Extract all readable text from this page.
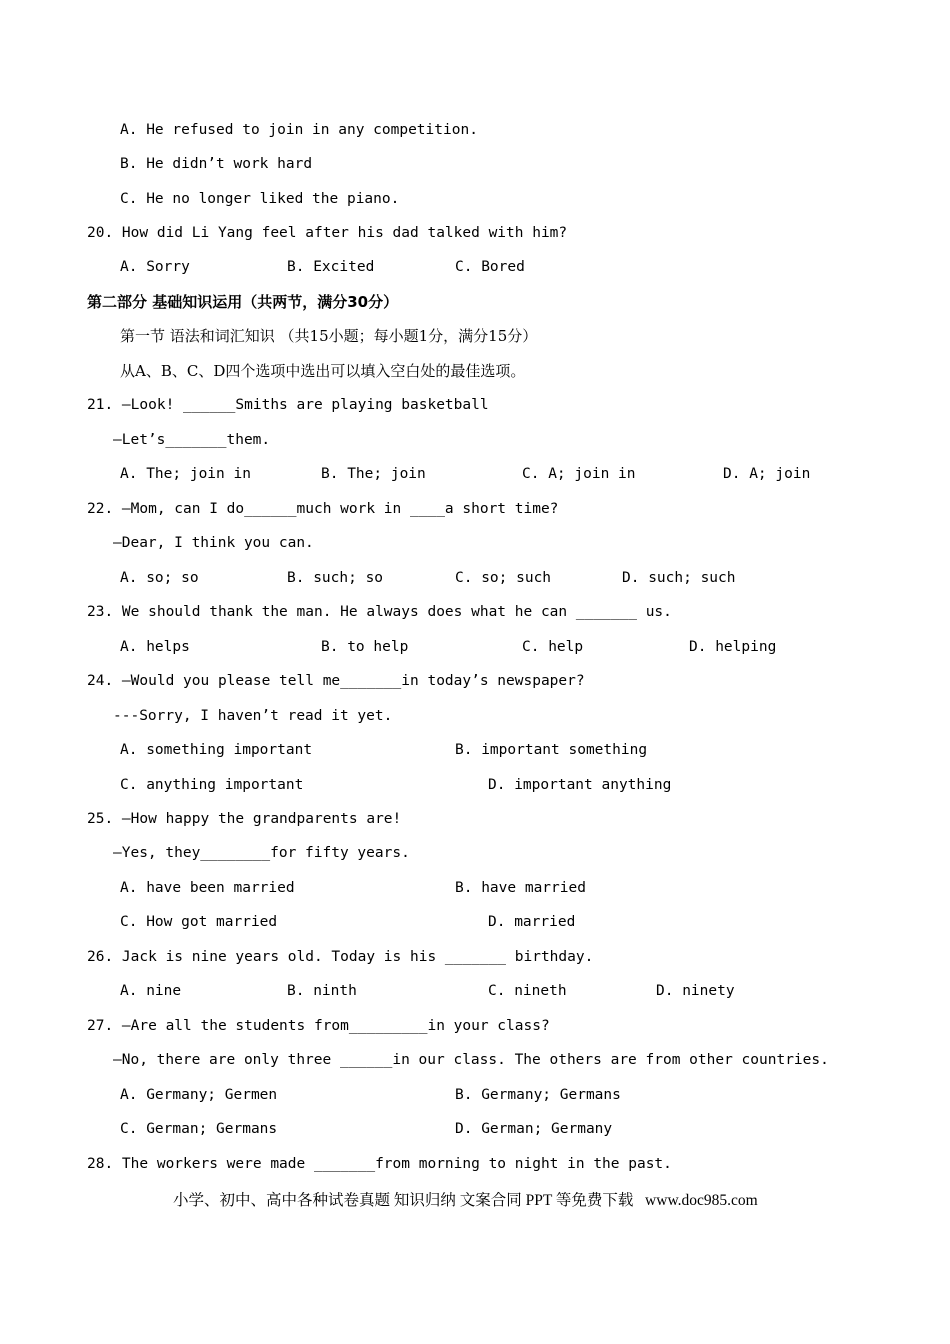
A. He refused to join in any competition.
B. He didn’t work hard
C. He no longer liked the piano.
20. How did Li Yang feel after his dad talked with him?
A. Sorry	B. Excited	C. Bored
第二部分 基础知识运用（共两节，满分30分）
第一节 语法和词汇知识 （共15小题；每小题1分，满分15分）
从A、B、C、D四个选项中选出可以填入空白处的最佳选项。
21. —Look! ______Smiths are playing basketball
—Let’s_______them.
A. The; join in	B. The; join	C. A; join in	D. A; join
22. —Mom, can I do______much work in ____a short time?
—Dear, I think you can.
A. so; so	B. such; so	C. so; such	D. such; such
23. We should thank the man. He always does what he can _______ us.
A. helps	B. to help	C. help	D. helping
24. —Would you please tell me_______in today’s newspaper?
---Sorry, I haven’t read it yet.
A. something important	B. important something
C. anything important	D. important anything
25. —How happy the grandparents are!
—Yes, they________for fifty years.
A. have been married	B. have married
C. How got married	D. married
26. Jack is nine years old. Today is his _______ birthday.
A. nine	B. ninth	C. nineth	D. ninety
27. —Are all the students from_________in your class?
—No, there are only three ______in our class. The others are from other countries.
A. Germany; Germen	B. Germany; Germans
C. German; Germans	D. German; Germany
28. The workers were made _______from morning to night in the past.
小学、初中、高中各种试卷真题 知识归纳 文案合同 PPT 等免费下载   www.doc985.com
